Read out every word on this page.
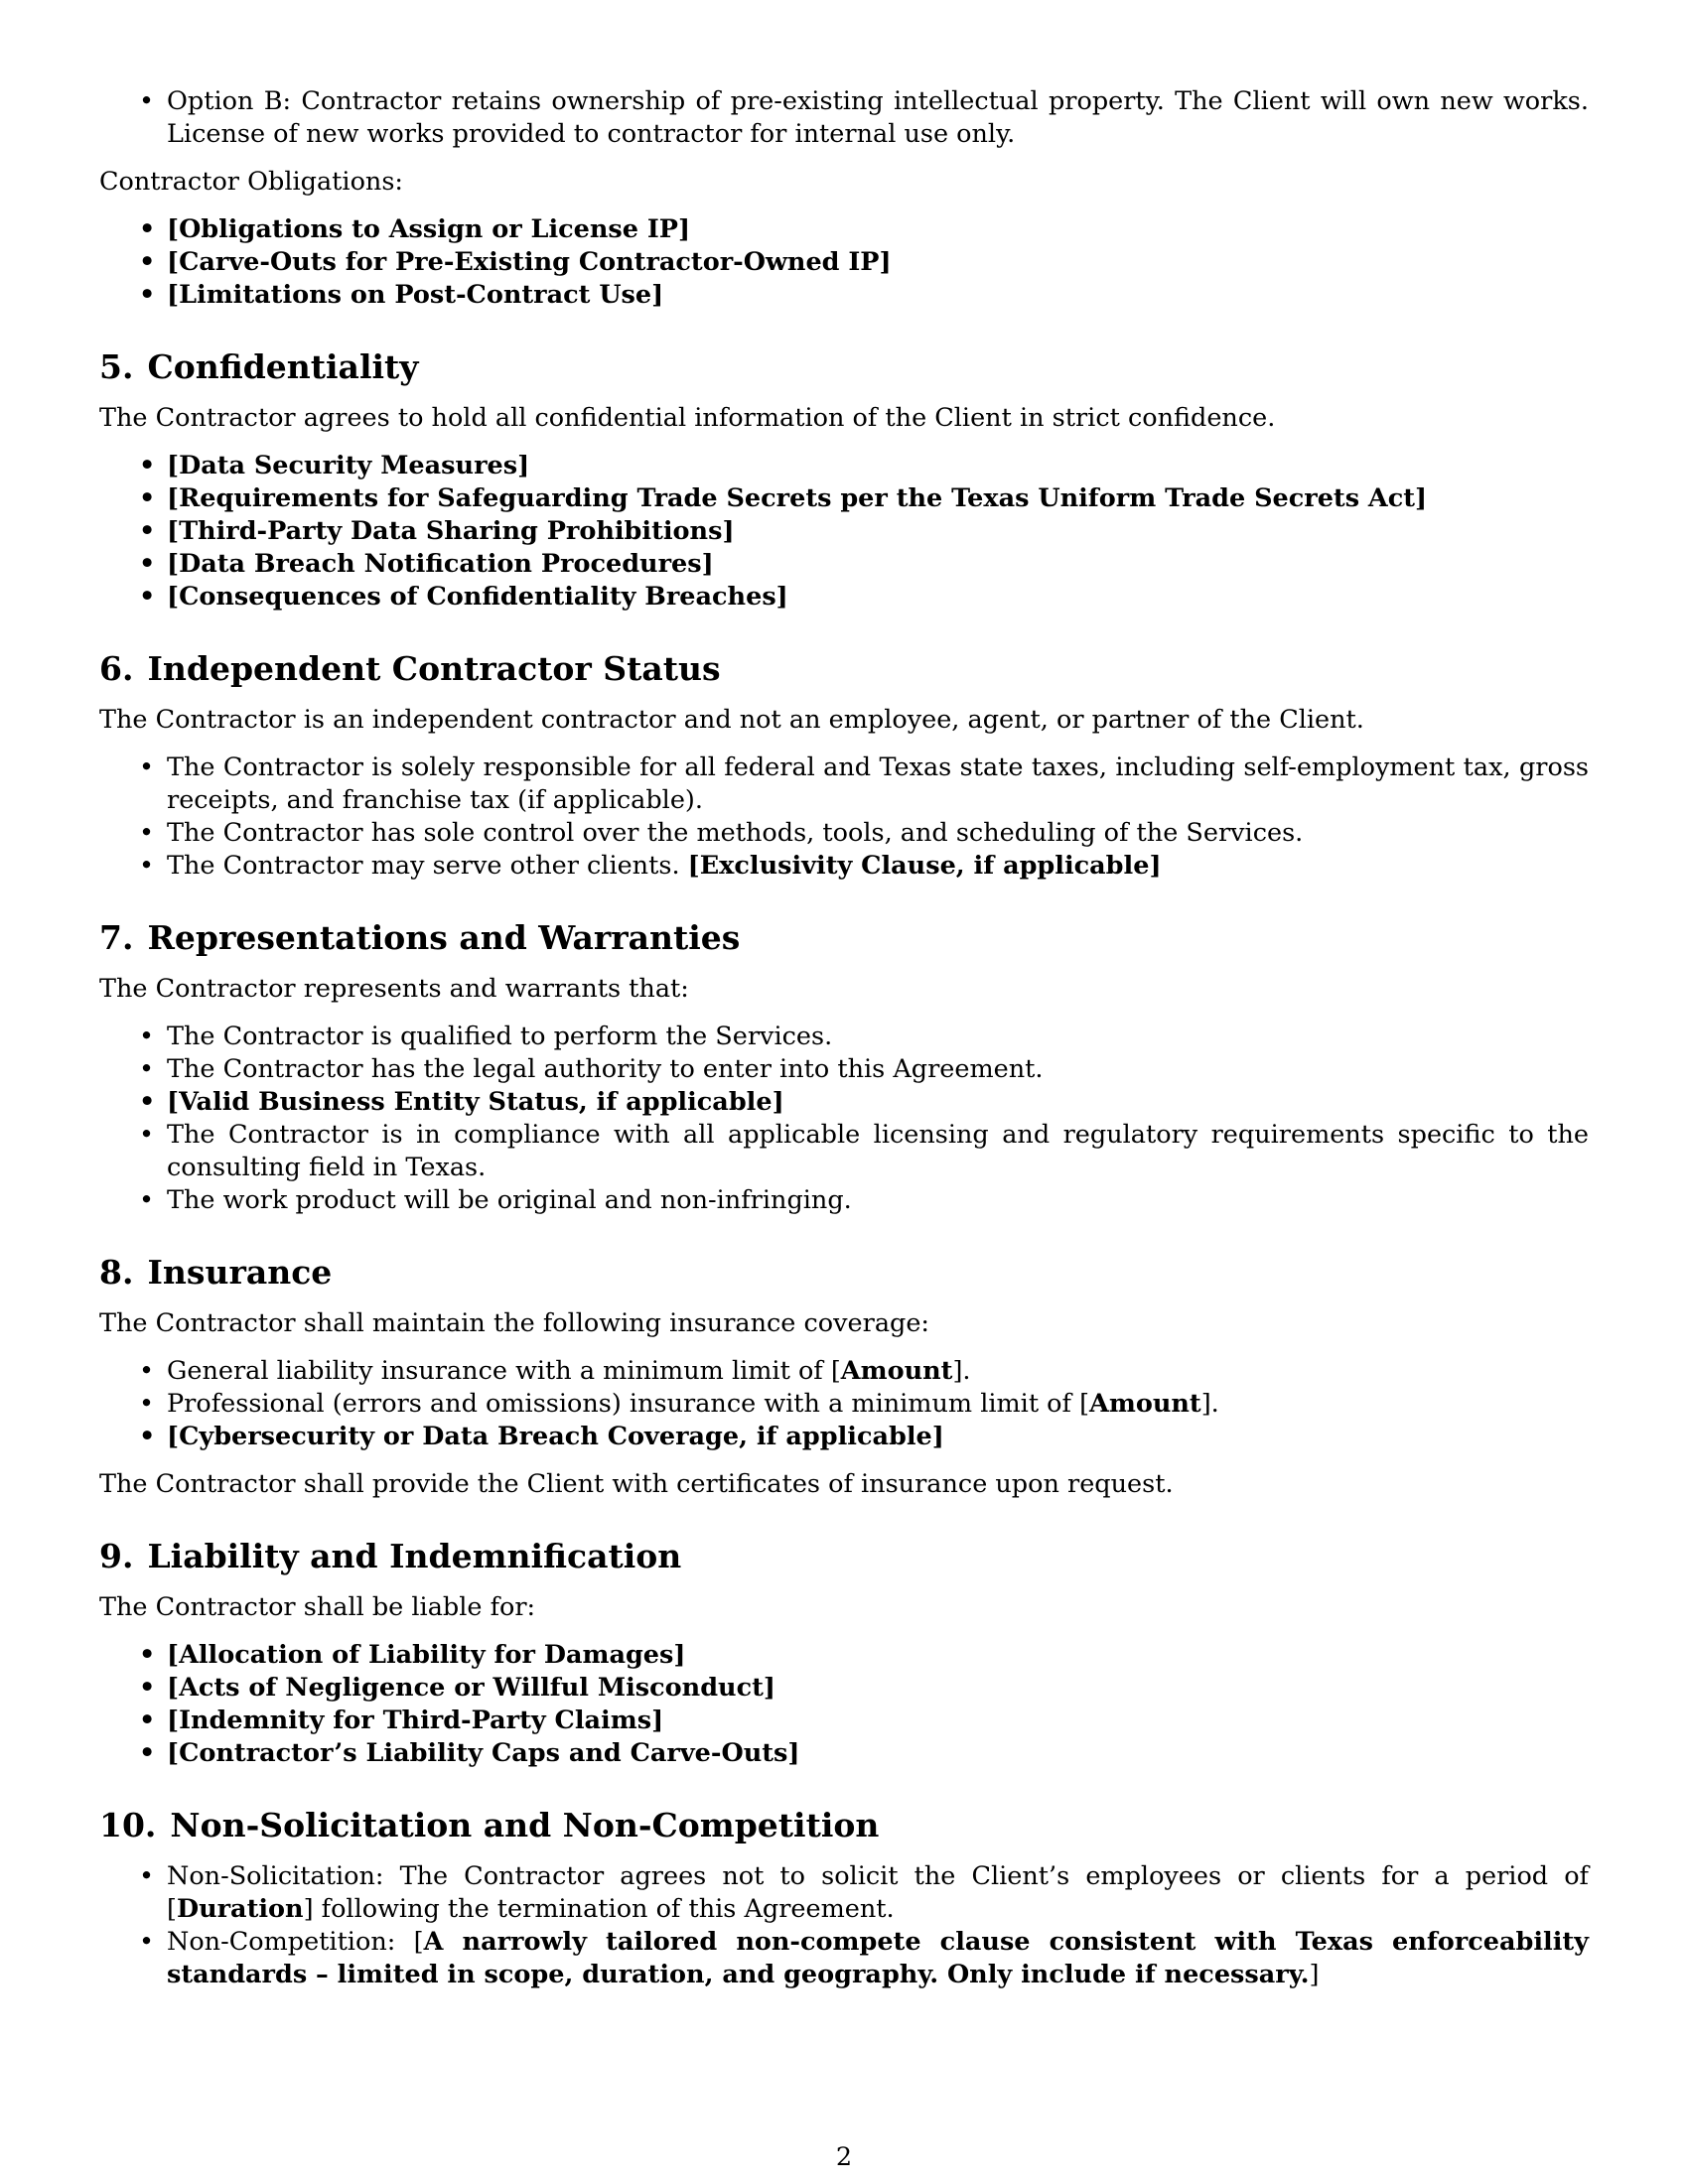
• Option B: Contractor retains ownership of pre-existing intellectual property. The Client will own new works. License of new works provided to contractor for internal use only.

Contractor Obligations:

• [Obligations to Assign or License IP]
• [Carve-Outs for Pre-Existing Contractor-Owned IP]
• [Limitations on Post-Contract Use]
5. Confidentiality

The Contractor agrees to hold all confidential information of the Client in strict confidence.

• [Data Security Measures]
• [Requirements for Safeguarding Trade Secrets per the Texas Uniform Trade Secrets Act]
• [Third-Party Data Sharing Prohibitions]
• [Data Breach Notification Procedures]
• [Consequences of Confidentiality Breaches]
6. Independent Contractor Status

The Contractor is an independent contractor and not an employee, agent, or partner of the Client.

• The Contractor is solely responsible for all federal and Texas state taxes, including self-employment tax, gross receipts, and franchise tax (if applicable).
• The Contractor has sole control over the methods, tools, and scheduling of the Services.
• The Contractor may serve other clients. [Exclusivity Clause, if applicable]
7. Representations and Warranties

The Contractor represents and warrants that:

• The Contractor is qualified to perform the Services.
• The Contractor has the legal authority to enter into this Agreement.
• [Valid Business Entity Status, if applicable]
• The Contractor is in compliance with all applicable licensing and regulatory requirements specific to the consulting field in Texas.
• The work product will be original and non-infringing.
8. Insurance

The Contractor shall maintain the following insurance coverage:

• General liability insurance with a minimum limit of [Amount].
• Professional (errors and omissions) insurance with a minimum limit of [Amount].
• [Cybersecurity or Data Breach Coverage, if applicable]

The Contractor shall provide the Client with certificates of insurance upon request.

9. Liability and Indemnification

The Contractor shall be liable for:

• [Allocation of Liability for Damages]
• [Acts of Negligence or Willful Misconduct]
• [Indemnity for Third-Party Claims]
• [Contractor’s Liability Caps and Carve-Outs]
10. Non-Solicitation and Non-Competition
• Non-Solicitation: The Contractor agrees not to solicit the Client’s employees or clients for a period of [Duration] following the termination of this Agreement.
• Non-Competition: [A narrowly tailored non-compete clause consistent with Texas enforceability standards – limited in scope, duration, and geography. Only include if necessary.]
2
